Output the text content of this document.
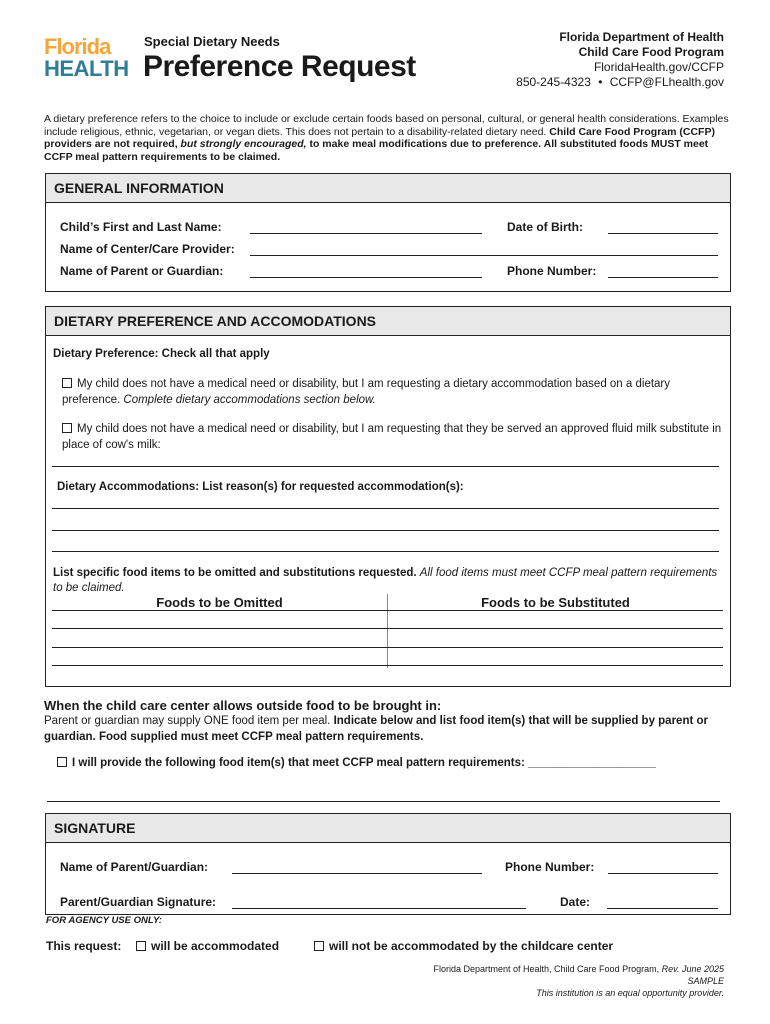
Florida
HEALTH
Special Dietary Needs
Preference Request
Florida Department of Health
Child Care Food Program
FloridaHealth.gov/CCFP
850-245-4323 • CCFP@FLhealth.gov
A dietary preference refers to the choice to include or exclude certain foods based on personal, cultural, or general health considerations. Examples include religious, ethnic, vegetarian, or vegan diets. This does not pertain to a disability-related dietary need. Child Care Food Program (CCFP) providers are not required, but strongly encouraged, to make meal modifications due to preference. All substituted foods MUST meet CCFP meal pattern requirements to be claimed.
GENERAL INFORMATION
Child’s First and Last Name:	Date of Birth:
Name of Center/Care Provider:
Name of Parent or Guardian:	Phone Number:
DIETARY PREFERENCE AND ACCOMODATIONS
Dietary Preference: Check all that apply
My child does not have a medical need or disability, but I am requesting a dietary accommodation based on a dietary preference. Complete dietary accommodations section below.
My child does not have a medical need or disability, but I am requesting that they be served an approved fluid milk substitute in place of cow's milk:
Dietary Accommodations: List reason(s) for requested accommodation(s):
List specific food items to be omitted and substitutions requested. All food items must meet CCFP meal pattern requirements to be claimed.
Foods to be Omitted	Foods to be Substituted
When the child care center allows outside food to be brought in:
Parent or guardian may supply ONE food item per meal. Indicate below and list food item(s) that will be supplied by parent or guardian. Food supplied must meet CCFP meal pattern requirements.
I will provide the following food item(s) that meet CCFP meal pattern requirements: ____________________
SIGNATURE
Name of Parent/Guardian:	Phone Number:
Parent/Guardian Signature:	Date:
FOR AGENCY USE ONLY:
This request:	will be accommodated	will not be accommodated by the childcare center
Florida Department of Health, Child Care Food Program, Rev. June 2025
SAMPLE
This institution is an equal opportunity provider.
